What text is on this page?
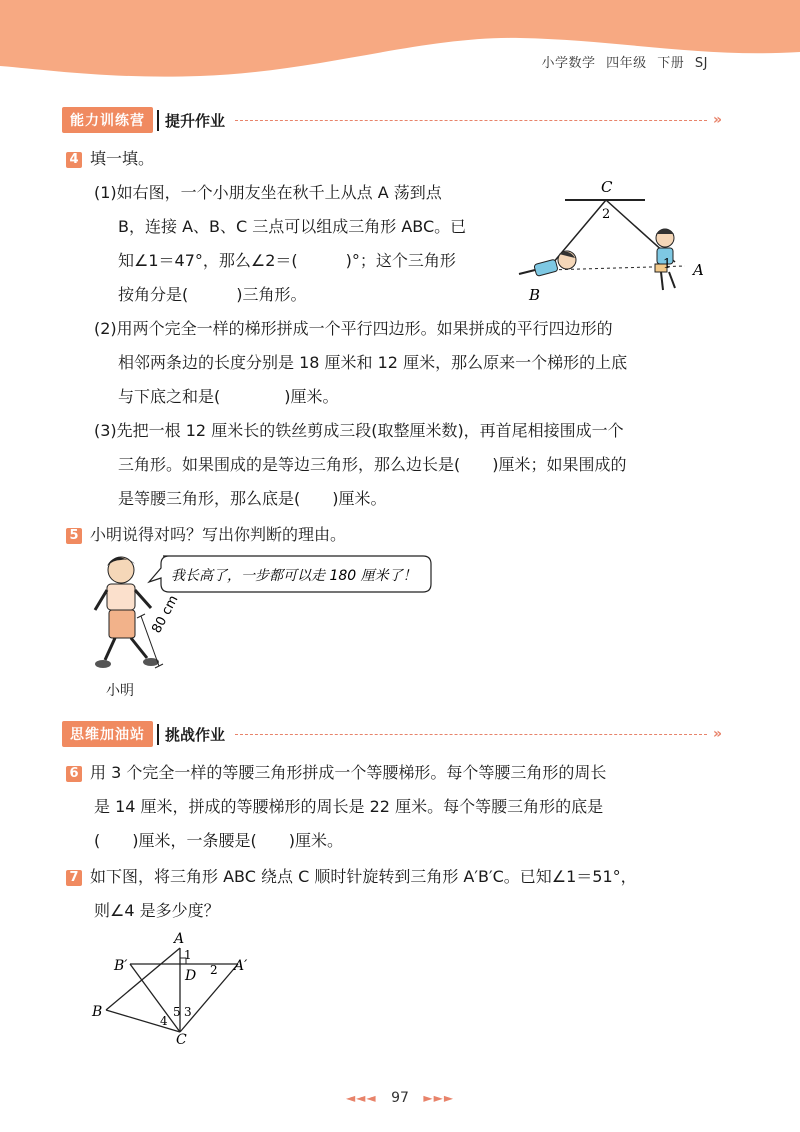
小学数学 四年级 下册 SJ
能力训练营	提升作业	»
4 填一填。
(1)如右图，一个小朋友坐在秋千上从点 A 荡到点
B，连接 A、B、C 三点可以组成三角形 ABC。已
知∠1＝47°，那么∠2＝(　　　)°；这个三角形
按角分是(　　　)三角形。
C
2
1 A
B
(2)用两个完全一样的梯形拼成一个平行四边形。如果拼成的平行四边形的
相邻两条边的长度分别是 18 厘米和 12 厘米，那么原来一个梯形的上底
与下底之和是(　　　　)厘米。
(3)先把一根 12 厘米长的铁丝剪成三段(取整厘米数)，再首尾相接围成一个
三角形。如果围成的是等边三角形，那么边长是(　　)厘米；如果围成的
是等腰三角形，那么底是(　　)厘米。
5 小明说得对吗？写出你判断的理由。
80 cm
我长高了，一步都可以走 180 厘米了！
小明
思维加油站	挑战作业	»
6 用 3 个完全一样的等腰三角形拼成一个等腰梯形。每个等腰三角形的周长
是 14 厘米，拼成的等腰梯形的周长是 22 厘米。每个等腰三角形的底是
(　　)厘米，一条腰是(　　)厘米。
7 如下图，将三角形 ABC 绕点 C 顺时针旋转到三角形 A′B′C。已知∠1＝51°，
则∠4 是多少度？
A
1
B′
D 2 A′
B
4
5 3
C
◄◄◄ 97 ►►►
